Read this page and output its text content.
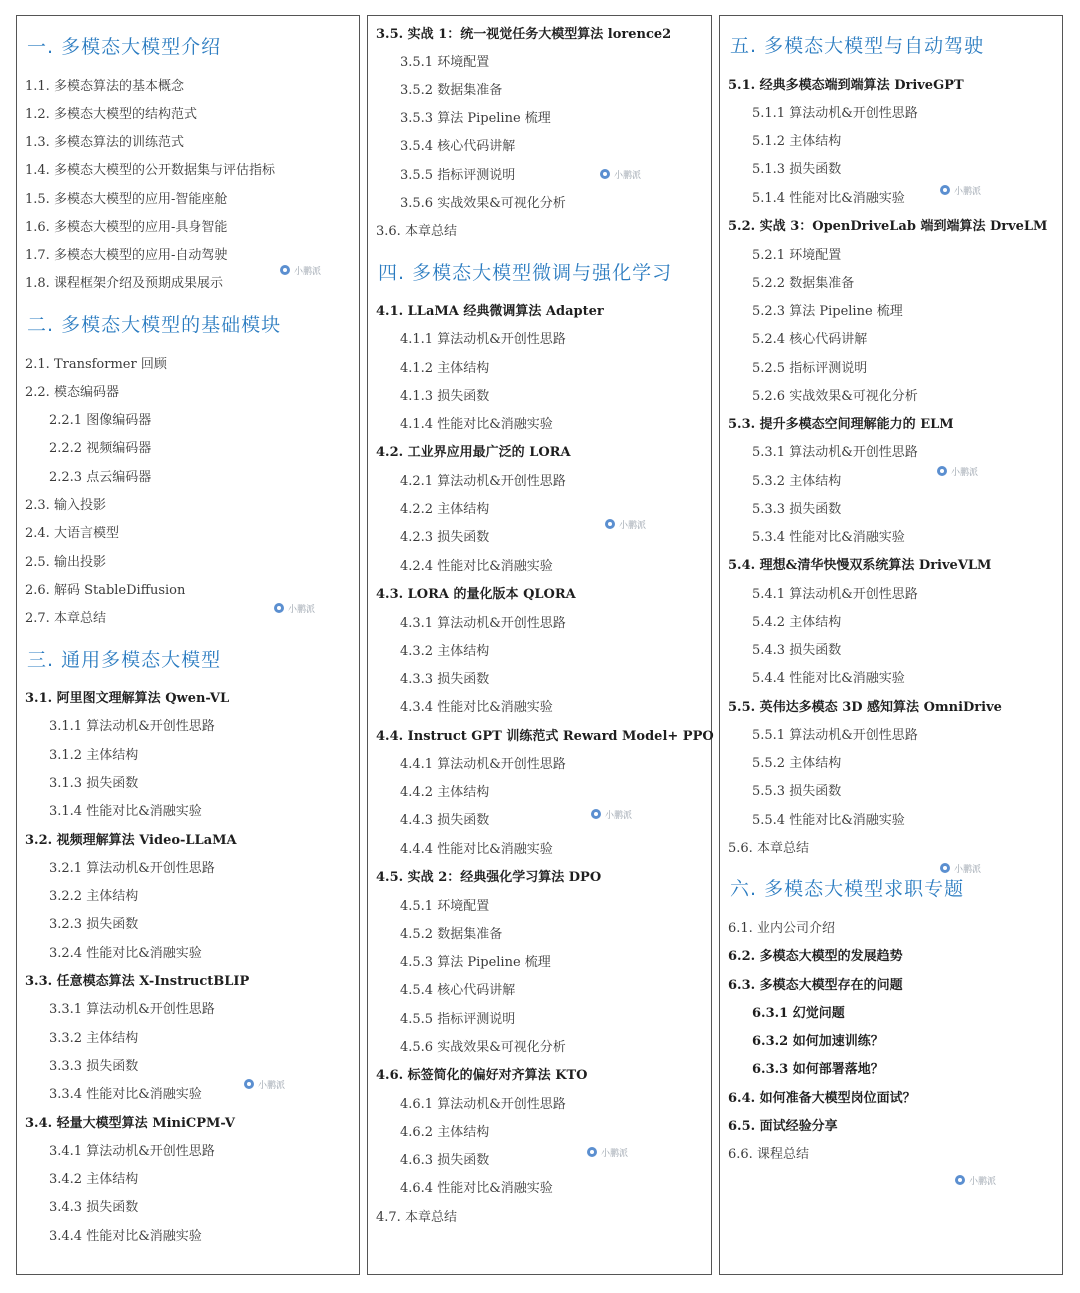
一. 多模态大模型介绍
1.1. 多模态算法的基本概念
1.2. 多模态大模型的结构范式
1.3. 多模态算法的训练范式
1.4. 多模态大模型的公开数据集与评估指标
1.5. 多模态大模型的应用-智能座舱
1.6. 多模态大模型的应用-具身智能
1.7. 多模态大模型的应用-自动驾驶
1.8. 课程框架介绍及预期成果展示
二. 多模态大模型的基础模块
2.1. Transformer 回顾
2.2. 模态编码器
2.2.1 图像编码器
2.2.2 视频编码器
2.2.3 点云编码器
2.3. 输入投影
2.4. 大语言模型
2.5. 输出投影
2.6. 解码 StableDiffusion
2.7. 本章总结
三. 通用多模态大模型
3.1. 阿里图文理解算法 Qwen-VL
3.1.1 算法动机&开创性思路
3.1.2 主体结构
3.1.3 损失函数
3.1.4 性能对比&消融实验
3.2. 视频理解算法 Video-LLaMA
3.2.1 算法动机&开创性思路
3.2.2 主体结构
3.2.3 损失函数
3.2.4 性能对比&消融实验
3.3. 任意模态算法 X-InstructBLIP
3.3.1 算法动机&开创性思路
3.3.2 主体结构
3.3.3 损失函数
3.3.4 性能对比&消融实验
3.4. 轻量大模型算法 MiniCPM-V
3.4.1 算法动机&开创性思路
3.4.2 主体结构
3.4.3 损失函数
3.4.4 性能对比&消融实验
3.5. 实战 1：统一视觉任务大模型算法 lorence2
3.5.1 环境配置
3.5.2 数据集准备
3.5.3 算法 Pipeline 梳理
3.5.4 核心代码讲解
3.5.5 指标评测说明
3.5.6 实战效果&可视化分析
3.6. 本章总结
四. 多模态大模型微调与强化学习
4.1. LLaMA 经典微调算法 Adapter
4.1.1 算法动机&开创性思路
4.1.2 主体结构
4.1.3 损失函数
4.1.4 性能对比&消融实验
4.2. 工业界应用最广泛的 LORA
4.2.1 算法动机&开创性思路
4.2.2 主体结构
4.2.3 损失函数
4.2.4 性能对比&消融实验
4.3. LORA 的量化版本 QLORA
4.3.1 算法动机&开创性思路
4.3.2 主体结构
4.3.3 损失函数
4.3.4 性能对比&消融实验
4.4. Instruct GPT 训练范式 Reward Model+ PPO
4.4.1 算法动机&开创性思路
4.4.2 主体结构
4.4.3 损失函数
4.4.4 性能对比&消融实验
4.5. 实战 2：经典强化学习算法 DPO
4.5.1 环境配置
4.5.2 数据集准备
4.5.3 算法 Pipeline 梳理
4.5.4 核心代码讲解
4.5.5 指标评测说明
4.5.6 实战效果&可视化分析
4.6. 标签简化的偏好对齐算法 KTO
4.6.1 算法动机&开创性思路
4.6.2 主体结构
4.6.3 损失函数
4.6.4 性能对比&消融实验
4.7. 本章总结
五. 多模态大模型与自动驾驶
5.1. 经典多模态端到端算法 DriveGPT
5.1.1 算法动机&开创性思路
5.1.2 主体结构
5.1.3 损失函数
5.1.4 性能对比&消融实验
5.2. 实战 3：OpenDriveLab 端到端算法 DrveLM
5.2.1 环境配置
5.2.2 数据集准备
5.2.3 算法 Pipeline 梳理
5.2.4 核心代码讲解
5.2.5 指标评测说明
5.2.6 实战效果&可视化分析
5.3. 提升多模态空间理解能力的 ELM
5.3.1 算法动机&开创性思路
5.3.2 主体结构
5.3.3 损失函数
5.3.4 性能对比&消融实验
5.4. 理想&清华快慢双系统算法 DriveVLM
5.4.1 算法动机&开创性思路
5.4.2 主体结构
5.4.3 损失函数
5.4.4 性能对比&消融实验
5.5. 英伟达多模态 3D 感知算法 OmniDrive
5.5.1 算法动机&开创性思路
5.5.2 主体结构
5.5.3 损失函数
5.5.4 性能对比&消融实验
5.6. 本章总结
六. 多模态大模型求职专题
6.1. 业内公司介绍
6.2. 多模态大模型的发展趋势
6.3. 多模态大模型存在的问题
6.3.1 幻觉问题
6.3.2 如何加速训练？
6.3.3 如何部署落地？
6.4. 如何准备大模型岗位面试？
6.5. 面试经验分享
6.6. 课程总结
小鹏派
小鹏派
小鹏派
小鹏派
小鹏派
小鹏派
小鹏派
小鹏派
小鹏派
小鹏派
小鹏派
